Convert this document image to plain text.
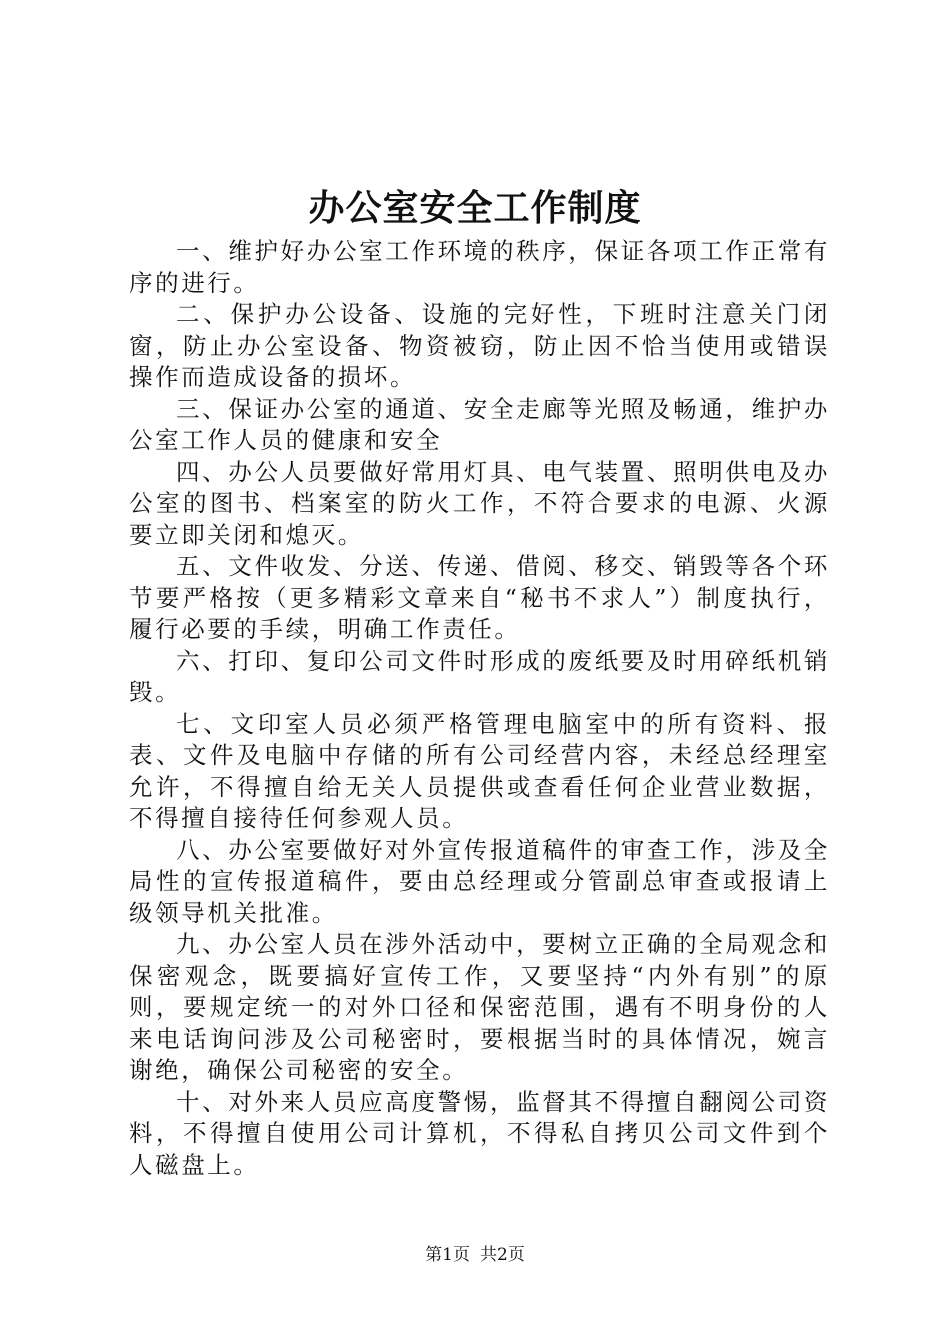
办公室安全工作制度

一、维护好办公室工作环境的秩序，保证各项工作正常有序的进行。

二、保护办公设备、设施的完好性，下班时注意关门闭窗，防止办公室设备、物资被窃，防止因不恰当使用或错误操作而造成设备的损坏。

三、保证办公室的通道、安全走廊等光照及畅通，维护办公室工作人员的健康和安全

四、办公人员要做好常用灯具、电气装置、照明供电及办公室的图书、档案室的防火工作，不符合要求的电源、火源要立即关闭和熄灭。

五、文件收发、分送、传递、借阅、移交、销毁等各个环节要严格按（更多精彩文章来自“秘书不求人”）制度执行，履行必要的手续，明确工作责任。

六、打印、复印公司文件时形成的废纸要及时用碎纸机销毁。

七、文印室人员必须严格管理电脑室中的所有资料、报表、文件及电脑中存储的所有公司经营内容，未经总经理室允许，不得擅自给无关人员提供或查看任何企业营业数据，不得擅自接待任何参观人员。

八、办公室要做好对外宣传报道稿件的审查工作，涉及全局性的宣传报道稿件，要由总经理或分管副总审查或报请上级领导机关批准。

九、办公室人员在涉外活动中，要树立正确的全局观念和保密观念，既要搞好宣传工作，又要坚持“内外有别”的原则，要规定统一的对外口径和保密范围，遇有不明身份的人来电话询问涉及公司秘密时，要根据当时的具体情况，婉言谢绝，确保公司秘密的安全。

十、对外来人员应高度警惕，监督其不得擅自翻阅公司资料，不得擅自使用公司计算机，不得私自拷贝公司文件到个人磁盘上。

第1页 共2页
